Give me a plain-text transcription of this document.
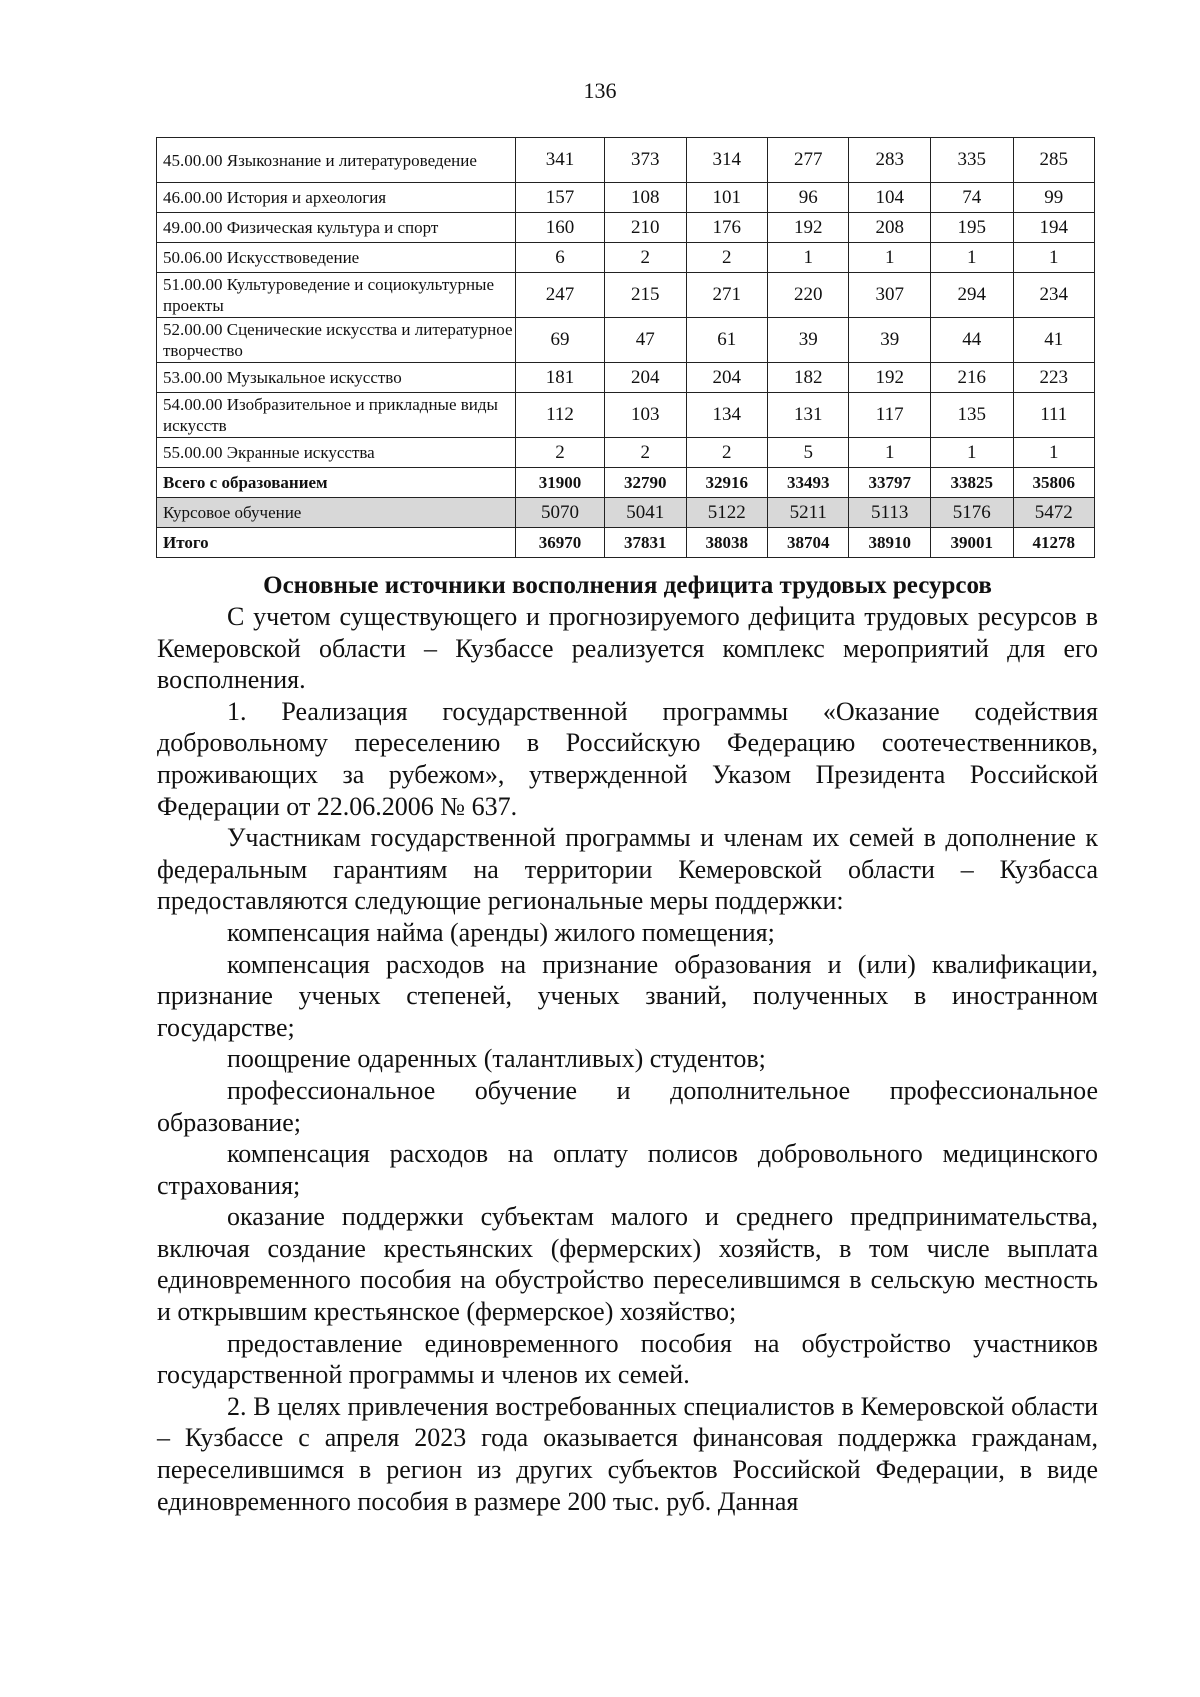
136
45.00.00 Языкознание и литературоведение	341	373	314	277	283	335	285
46.00.00 История и археология	157	108	101	96	104	74	99
49.00.00 Физическая культура и спорт	160	210	176	192	208	195	194
50.06.00 Искусствоведение	6	2	2	1	1	1	1
51.00.00 Культуроведение и социокультурные проекты	247	215	271	220	307	294	234
52.00.00 Сценические искусства и литературное творчество	69	47	61	39	39	44	41
53.00.00 Музыкальное искусство	181	204	204	182	192	216	223
54.00.00 Изобразительное и прикладные виды искусств	112	103	134	131	117	135	111
55.00.00 Экранные искусства	2	2	2	5	1	1	1
Всего с образованием	31900	32790	32916	33493	33797	33825	35806
Курсовое обучение	5070	5041	5122	5211	5113	5176	5472
Итого	36970	37831	38038	38704	38910	39001	41278
Основные источники восполнения дефицита трудовых ресурсов

С учетом существующего и прогнозируемого дефицита трудовых ресурсов в Кемеровской области – Кузбассе реализуется комплекс мероприятий для его восполнения.

1. Реализация государственной программы «Оказание содействия добровольному переселению в Российскую Федерацию соотечественников, проживающих за рубежом», утвержденной Указом Президента Российской Федерации от 22.06.2006 № 637.

Участникам государственной программы и членам их семей в дополнение к федеральным гарантиям на территории Кемеровской области – Кузбасса предоставляются следующие региональные меры поддержки:

компенсация найма (аренды) жилого помещения;

компенсация расходов на признание образования и (или) квалификации, признание ученых степеней, ученых званий, полученных в иностранном государстве;

поощрение одаренных (талантливых) студентов;

профессиональное обучение и дополнительное профессиональное образование;

компенсация расходов на оплату полисов добровольного медицинского страхования;

оказание поддержки субъектам малого и среднего предпринимательства, включая создание крестьянских (фермерских) хозяйств, в том числе выплата единовременного пособия на обустройство переселившимся в сельскую местность и открывшим крестьянское (фермерское) хозяйство;

предоставление единовременного пособия на обустройство участников государственной программы и членов их семей.

2. В целях привлечения востребованных специалистов в Кемеровской области – Кузбассе с апреля 2023 года оказывается финансовая поддержка гражданам, переселившимся в регион из других субъектов Российской Федерации, в виде единовременного пособия в размере 200 тыс. руб. Данная
